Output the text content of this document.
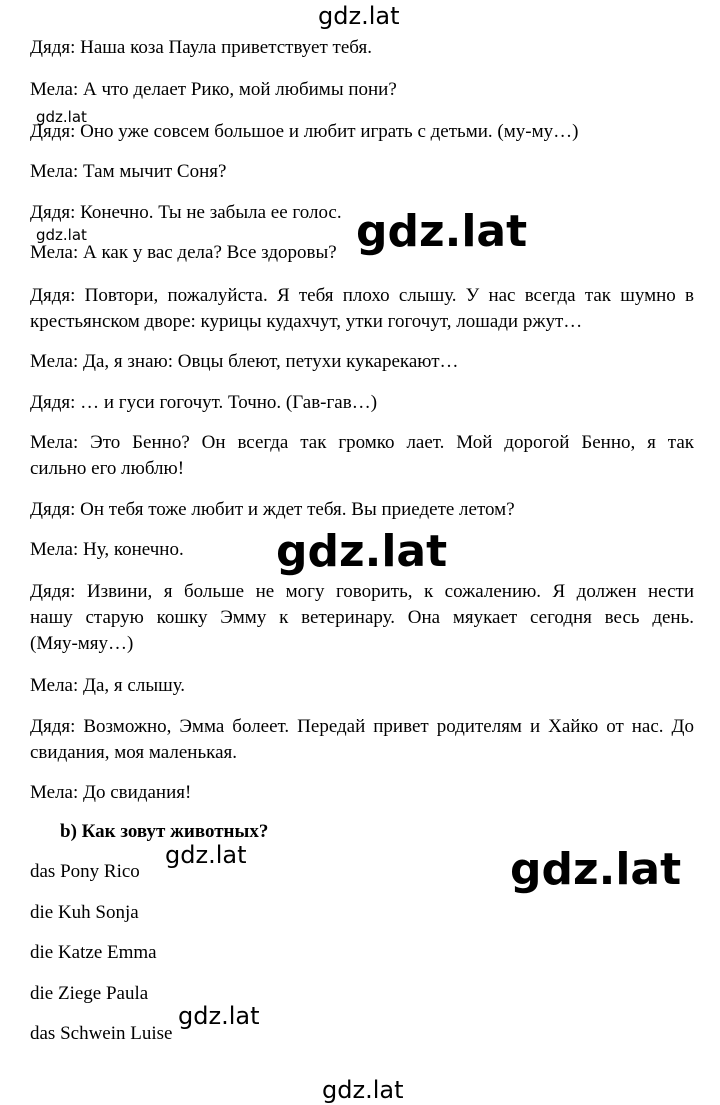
gdz.lat
gdz.lat
gdz.lat	gdz.lat
gdz.lat
gdz.lat	gdz.lat
gdz.lat
gdz.lat

Дядя: Наша коза Паула приветствует тебя.

Мела: А что делает Рико, мой любимы пони?

Дядя: Оно уже совсем большое и любит играть с детьми. (му-му…)

Мела: Там мычит Соня?

Дядя: Конечно. Ты не забыла ее голос.

Мела: А как у вас дела? Все здоровы?

Дядя: Повтори, пожалуйста. Я тебя плохо слышу. У нас всегда так шумно в

крестьянском дворе: курицы кудахчут, утки гогочут, лошади ржут…

Мела: Да, я знаю: Овцы блеют, петухи кукарекают…

Дядя: … и гуси гогочут. Точно. (Гав-гав…)

Мела: Это Бенно? Он всегда так громко лает. Мой дорогой Бенно, я так

сильно его люблю!

Дядя: Он тебя тоже любит и ждет тебя. Вы приедете летом?

Мела: Ну, конечно.

Дядя: Извини, я больше не могу говорить, к сожалению. Я должен нести

нашу старую кошку Эмму к ветеринару. Она мяукает сегодня весь день.

(Мяу-мяу…)

Мела: Да, я слышу.

Дядя: Возможно, Эмма болеет. Передай привет родителям и Хайко от нас. До

свидания, моя маленькая.

Мела: До свидания!

b) Как зовут животных?

das Pony Rico

die Kuh Sonja

die Katze Emma

die Ziege Paula

das Schwein Luise
